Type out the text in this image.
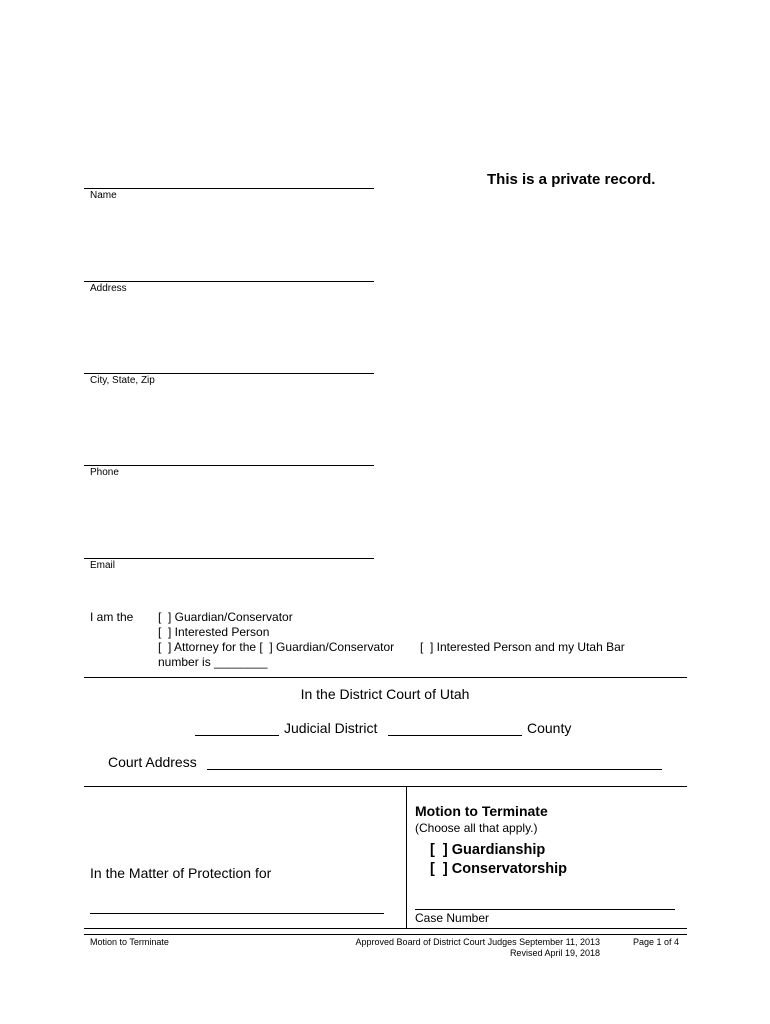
This is a private record.
Name
Address
City, State, Zip
Phone
Email
I am the [  ] Guardian/Conservator
[  ] Interested Person
[  ] Attorney for the [  ] Guardian/Conservator [  ] Interested Person and my Utah Bar
number is ________
In the District Court of Utah
Judicial District	County
Court Address
In the Matter of Protection for
Motion to Terminate
(Choose all that apply.)
[  ] Guardianship
[  ] Conservatorship
Case Number
Motion to Terminate	Approved Board of District Court Judges September 11, 2013
Revised April 19, 2018
Page 1 of 4
